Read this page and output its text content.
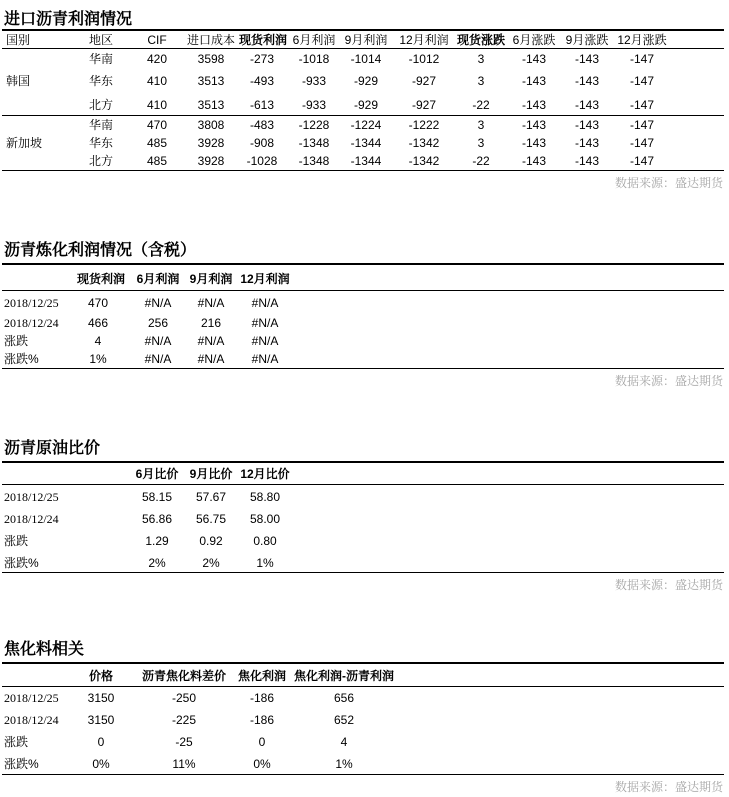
进口沥青利润情况
国别	地区	CIF	进口成本 现货利润 6月利润 9月利润 12月利润 现货涨跌 6月涨跌 9月涨跌 12月涨跌
韩国
华南	420	3598	-273	-1018	-1014	-1012	3	-143	-143	-147
华东	410	3513	-493	-933	-929	-927	3	-143	-143	-147
北方	410	3513	-613	-933	-929	-927	-22	-143	-143	-147
新加坡
华南	470	3808	-483	-1228	-1224	-1222	3	-143	-143	-147
华东	485	3928	-908	-1348	-1344	-1342	3	-143	-143	-147
北方	485	3928	-1028	-1348	-1344	-1342	-22	-143	-143	-147
数据来源：盛达期货
沥青炼化利润情况（含税）
现货利润 6月利润 9月利润 12月利润
2018/12/25	470	#N/A	#N/A	#N/A
2018/12/24	466	256	216	#N/A
涨跌	4	#N/A	#N/A	#N/A
涨跌%	1%	#N/A	#N/A	#N/A
数据来源：盛达期货
沥青原油比价
6月比价 9月比价 12月比价
2018/12/25	58.15	57.67	58.80
2018/12/24	56.86	56.75	58.00
涨跌	1.29	0.92	0.80
涨跌%	2%	2%	1%
数据来源：盛达期货
焦化料相关
价格	沥青焦化料差价 焦化利润 焦化利润-沥青利润
2018/12/25	3150	-250	-186	656
2018/12/24	3150	-225	-186	652
涨跌	0	-25	0	4
涨跌%	0%	11%	0%	1%
数据来源：盛达期货
